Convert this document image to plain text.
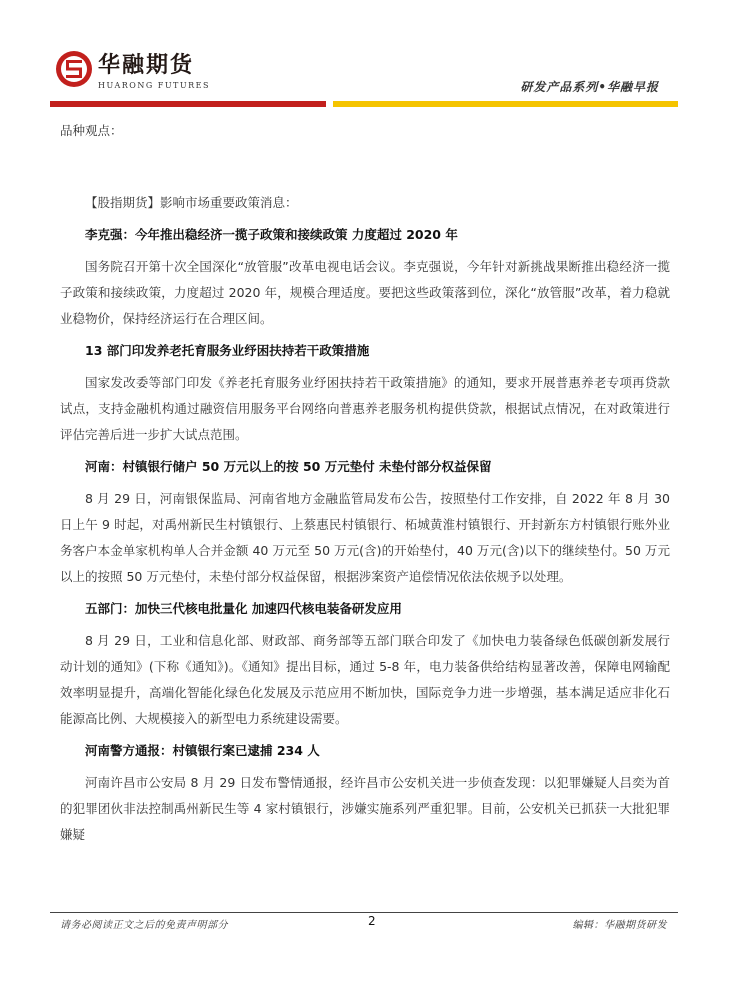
华融期货
HUARONG FUTURES	研发产品系列•华融早报

品种观点：

【股指期货】影响市场重要政策消息：

李克强：今年推出稳经济一揽子政策和接续政策 力度超过 2020 年

国务院召开第十次全国深化“放管服”改革电视电话会议。李克强说，今年针对新挑战果断推出稳经济一揽子政策和接续政策，力度超过 2020 年，规模合理适度。要把这些政策落到位，深化“放管服”改革，着力稳就业稳物价，保持经济运行在合理区间。

13 部门印发养老托育服务业纾困扶持若干政策措施

国家发改委等部门印发《养老托育服务业纾困扶持若干政策措施》的通知，要求开展普惠养老专项再贷款试点，支持金融机构通过融资信用服务平台网络向普惠养老服务机构提供贷款，根据试点情况，在对政策进行评估完善后进一步扩大试点范围。

河南：村镇银行储户 50 万元以上的按 50 万元垫付 未垫付部分权益保留

8 月 29 日，河南银保监局、河南省地方金融监管局发布公告，按照垫付工作安排，自 2022 年 8 月 30 日上午 9 时起，对禹州新民生村镇银行、上蔡惠民村镇银行、柘城黄淮村镇银行、开封新东方村镇银行账外业务客户本金单家机构单人合并金额 40 万元至 50 万元(含)的开始垫付，40 万元(含)以下的继续垫付。50 万元以上的按照 50 万元垫付，未垫付部分权益保留，根据涉案资产追偿情况依法依规予以处理。

五部门：加快三代核电批量化 加速四代核电装备研发应用

8 月 29 日，工业和信息化部、财政部、商务部等五部门联合印发了《加快电力装备绿色低碳创新发展行动计划的通知》(下称《通知》)。《通知》提出目标，通过 5-8 年，电力装备供给结构显著改善，保障电网输配效率明显提升，高端化智能化绿色化发展及示范应用不断加快，国际竞争力进一步增强，基本满足适应非化石能源高比例、大规模接入的新型电力系统建设需要。

河南警方通报：村镇银行案已逮捕 234 人

河南许昌市公安局 8 月 29 日发布警情通报，经许昌市公安机关进一步侦查发现：以犯罪嫌疑人吕奕为首的犯罪团伙非法控制禹州新民生等 4 家村镇银行，涉嫌实施系列严重犯罪。目前，公安机关已抓获一大批犯罪嫌疑

请务必阅读正文之后的免责声明部分	2	编辑：华融期货研发
